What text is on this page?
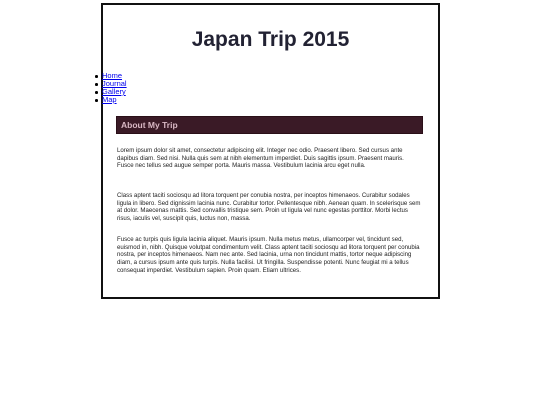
Japan Trip 2015
Home
Journal
Gallery
Map
About My Trip

Lorem ipsum dolor sit amet, consectetur adipiscing elit. Integer nec odio. Praesent libero. Sed cursus ante dapibus diam. Sed nisi. Nulla quis sem at nibh elementum imperdiet. Duis sagittis ipsum. Praesent mauris. Fusce nec tellus sed augue semper porta. Mauris massa. Vestibulum lacinia arcu eget nulla.

Class aptent taciti sociosqu ad litora torquent per conubia nostra, per inceptos himenaeos. Curabitur sodales ligula in libero. Sed dignissim lacinia nunc. Curabitur tortor. Pellentesque nibh. Aenean quam. In scelerisque sem at dolor. Maecenas mattis. Sed convallis tristique sem. Proin ut ligula vel nunc egestas porttitor. Morbi lectus risus, iaculis vel, suscipit quis, luctus non, massa.

Fusce ac turpis quis ligula lacinia aliquet. Mauris ipsum. Nulla metus metus, ullamcorper vel, tincidunt sed, euismod in, nibh. Quisque volutpat condimentum velit. Class aptent taciti sociosqu ad litora torquent per conubia nostra, per inceptos himenaeos. Nam nec ante. Sed lacinia, urna non tincidunt mattis, tortor neque adipiscing diam, a cursus ipsum ante quis turpis. Nulla facilisi. Ut fringilla. Suspendisse potenti. Nunc feugiat mi a tellus consequat imperdiet. Vestibulum sapien. Proin quam. Etiam ultrices.
